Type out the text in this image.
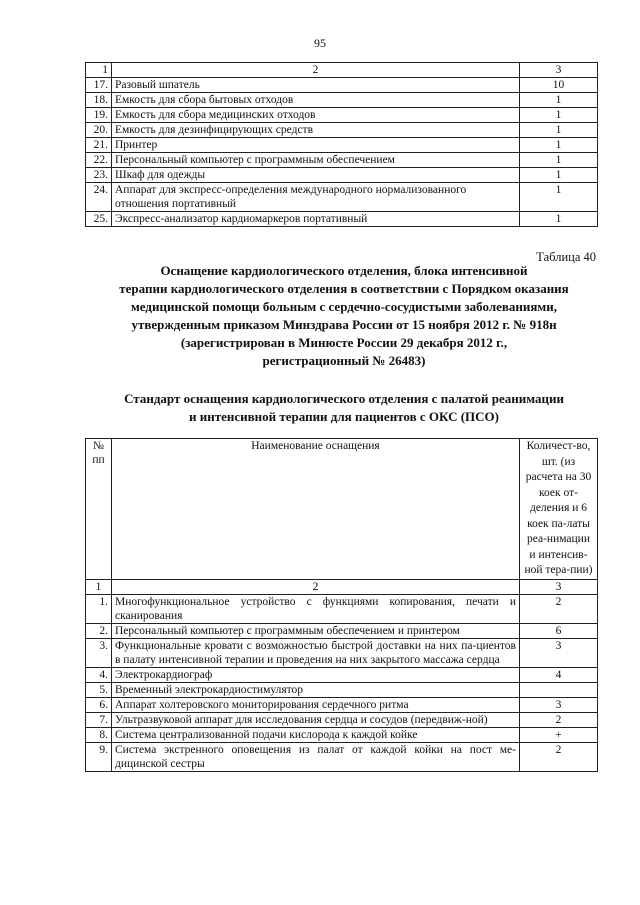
95
1	2	3
17.	Разовый шпатель	10
18.	Емкость для сбора бытовых отходов	1
19.	Емкость для сбора медицинских отходов	1
20.	Емкость для дезинфицирующих средств	1
21.	Принтер	1
22.	Персональный компьютер с программным обеспечением	1
23.	Шкаф для одежды	1
24.	Аппарат для экспресс-определения международного нормализованного отношения портативный	1
25.	Экспресс-анализатор кардиомаркеров портативный	1
Таблица 40
Оснащение кардиологического отделения, блока интенсивной
терапии кардиологического отделения в соответствии с Порядком оказания
медицинской помощи больным с сердечно-сосудистыми заболеваниями,
утвержденным приказом Минздрава России от 15 ноября 2012 г. № 918н
(зарегистрирован в Минюсте России 29 декабря 2012 г.,
регистрационный № 26483)
Стандарт оснащения кардиологического отделения с палатой реанимации
и интенсивной терапии для пациентов с ОКС (ПСО)
№ пп	Наименование оснащения	Количест-во, шт. (из расчета на 30 коек от-деления и 6 коек па-латы реа-нимации и интенсив-ной тера-пии)
1	2	3
1.	Многофункциональное устройство с функциями копирования, печати и сканирования	2
2.	Персональный компьютер с программным обеспечением и принтером	6
3.	Функциональные кровати с возможностью быстрой доставки на них па-циентов в палату интенсивной терапии и проведения на них закрытого массажа сердца	3
4.	Электрокардиограф	4
5.	Временный электрокардиостимулятор	
6.	Аппарат холтеровского мониторирования сердечного ритма	3
7.	Ультразвуковой аппарат для исследования сердца и сосудов (передвиж-ной)	2
8.	Система централизованной подачи кислорода к каждой койке	+
9.	Система экстренного оповещения из палат от каждой койки на пост ме-дицинской сестры	2
